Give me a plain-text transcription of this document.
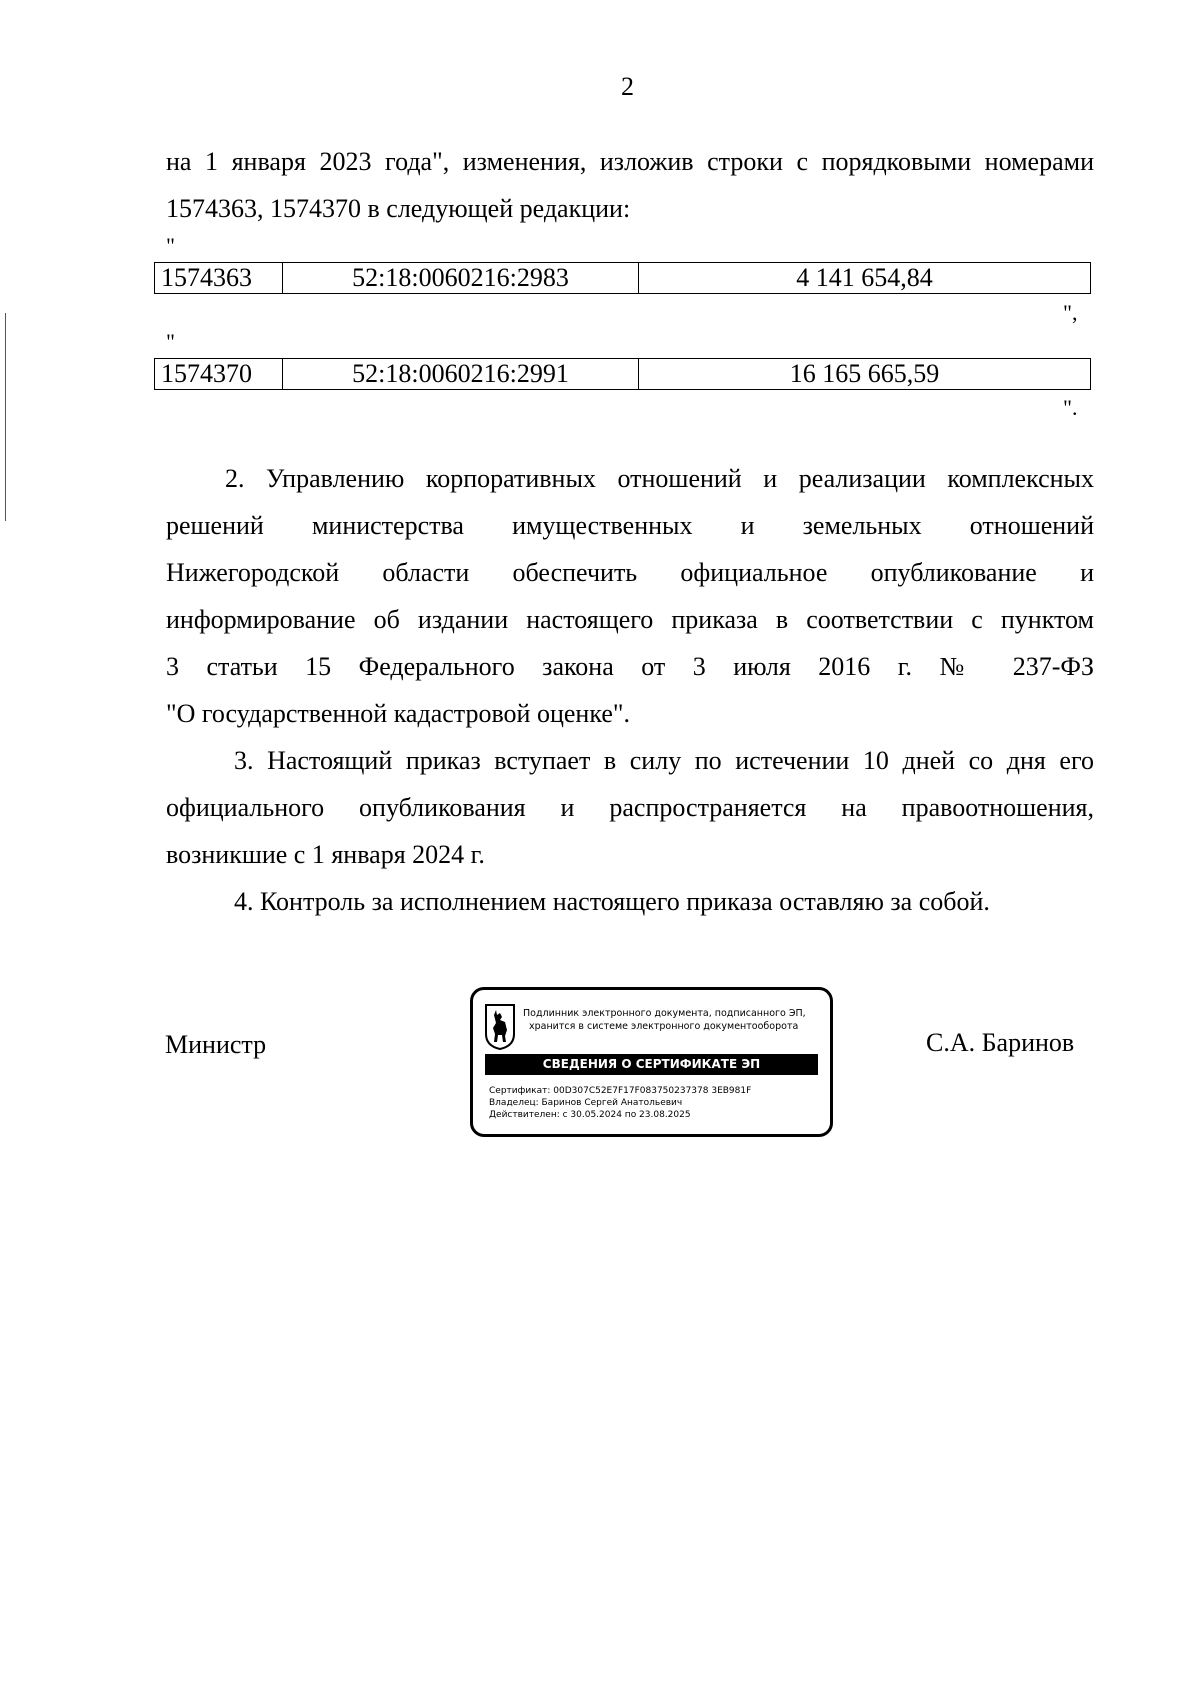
2
на 1 января 2023 года", изменения, изложив строки с порядковыми номерами
1574363, 1574370 в следующей редакции:
"
1574363	52:18:0060216:2983	4 141 654,84
",
"
1574370	52:18:0060216:2991	16 165 665,59
".
2. Управлению корпоративных отношений и реализации комплексных
решений министерства имущественных и земельных отношений
Нижегородской области обеспечить официальное опубликование и
информирование об издании настоящего приказа в соответствии с пунктом
3 статьи 15 Федерального закона от 3 июля 2016 г. № 237-ФЗ
"О государственной кадастровой оценке".
3. Настоящий приказ вступает в силу по истечении 10 дней со дня его
официального опубликования и распространяется на правоотношения,
возникшие с 1 января 2024 г.
4. Контроль за исполнением настоящего приказа оставляю за собой.
Министр
Подлинник электронного документа, подписанного ЭП,
хранится в системе электронного документооборота
СВЕДЕНИЯ О СЕРТИФИКАТЕ ЭП
Сертификат: 00D307C52E7F17F083750237378 3EB981F
Владелец: Баринов Сергей Анатольевич
Действителен: с 30.05.2024 по 23.08.2025
С.А. Баринов
